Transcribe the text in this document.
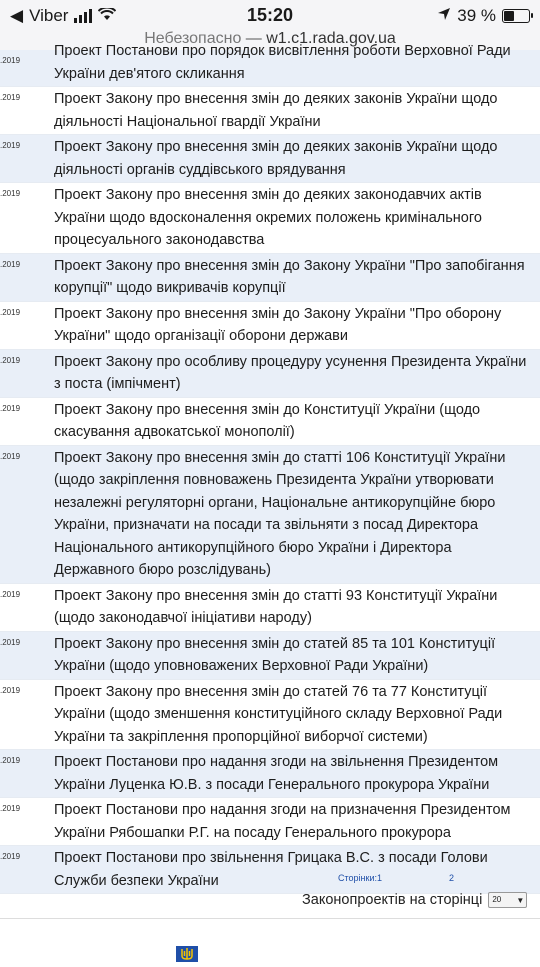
◀ Viber	15:20	39 %
Небезопасно — w1.c1.rada.gov.ua
.2019
Проект Постанови про порядок висвітлення роботи Верховної Ради України дев'ятого скликання
.2019	Проект Закону про внесення змін до деяких законів України щодо діяльності Національної гвардії України
.2019	Проект Закону про внесення змін до деяких законів України щодо діяльності органів суддівського врядування
.2019	Проект Закону про внесення змін до деяких законодавчих актів України щодо вдосконалення окремих положень кримінального процесуального законодавства
.2019	Проект Закону про внесення змін до Закону України "Про запобігання корупції" щодо викривачів корупції
.2019	Проект Закону про внесення змін до Закону України "Про оборону України" щодо організації оборони держави
.2019	Проект Закону про особливу процедуру усунення Президента України з поста (імпічмент)
.2019	Проект Закону про внесення змін до Конституції України (щодо скасування адвокатської монополії)
.2019	Проект Закону про внесення змін до статті 106 Конституції України (щодо закріплення повноважень Президента України утворювати незалежні регуляторні органи, Національне антикорупційне бюро України, призначати на посади та звільняти з посад Директора Національного антикорупційного бюро України і Директора Державного бюро розслідувань)
.2019	Проект Закону про внесення змін до статті 93 Конституції України (щодо законодавчої ініціативи народу)
.2019	Проект Закону про внесення змін до статей 85 та 101 Конституції України (щодо уповноважених Верховної Ради України)
.2019	Проект Закону про внесення змін до статей 76 та 77 Конституції України (щодо зменшення конституційного складу Верховної Ради України та закріплення пропорційної виборчої системи)
.2019	Проект Постанови про надання згоди на звільнення Президентом України Луценка Ю.В. з посади Генерального прокурора України
.2019	Проект Постанови про надання згоди на призначення Президентом України Рябошапки Р.Г. на посаду Генерального прокурора
.2019	Проект Постанови про звільнення Грицака В.С. з посади Голови Служби безпеки України	Сторінки:1	2
Законопроектів на сторінці	20 ▼
